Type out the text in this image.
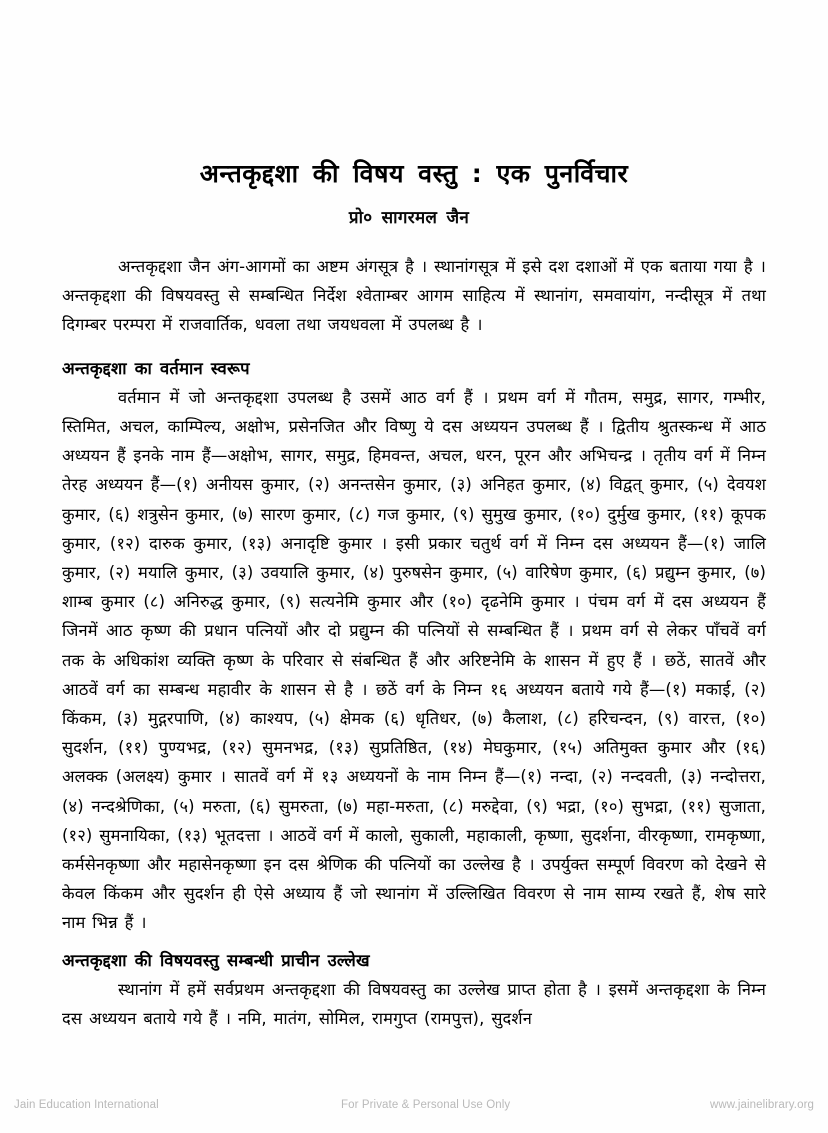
अन्तकृद्दशा की विषय वस्तु : एक पुनर्विचार

प्रो० सागरमल जैन

अन्तकृद्दशा जैन अंग-आगमों का अष्टम अंगसूत्र है । स्थानांगसूत्र में इसे दश दशाओं में एक बताया गया है । अन्तकृद्दशा की विषयवस्तु से सम्बन्धित निर्देश श्वेताम्बर आगम साहित्य में स्थानांग, समवायांग, नन्दीसूत्र में तथा दिगम्बर परम्परा में राजवार्तिक, धवला तथा जयधवला में उपलब्ध है ।

अन्तकृद्दशा का वर्तमान स्वरूप

वर्तमान में जो अन्तकृद्दशा उपलब्ध है उसमें आठ वर्ग हैं । प्रथम वर्ग में गौतम, समुद्र, सागर, गम्भीर, स्तिमित, अचल, काम्पिल्य, अक्षोभ, प्रसेनजित और विष्णु ये दस अध्ययन उपलब्ध हैं । द्वितीय श्रुतस्कन्ध में आठ अध्ययन हैं इनके नाम हैं—अक्षोभ, सागर, समुद्र, हिमवन्त, अचल, धरन, पूरन और अभिचन्द्र । तृतीय वर्ग में निम्न तेरह अध्ययन हैं—(१) अनीयस कुमार, (२) अनन्तसेन कुमार, (३) अनिहत कुमार, (४) विद्वत् कुमार, (५) देवयश कुमार, (६) शत्रुसेन कुमार, (७) सारण कुमार, (८) गज कुमार, (९) सुमुख कुमार, (१०) दुर्मुख कुमार, (११) कूपक कुमार, (१२) दारुक कुमार, (१३) अनादृष्टि कुमार । इसी प्रकार चतुर्थ वर्ग में निम्न दस अध्ययन हैं—(१) जालि कुमार, (२) मयालि कुमार, (३) उवयालि कुमार, (४) पुरुषसेन कुमार, (५) वारिषेण कुमार, (६) प्रद्युम्न कुमार, (७) शाम्ब कुमार (८) अनिरुद्ध कुमार, (९) सत्यनेमि कुमार और (१०) दृढनेमि कुमार । पंचम वर्ग में दस अध्ययन हैं जिनमें आठ कृष्ण की प्रधान पत्नियों और दो प्रद्युम्न की पत्नियों से सम्बन्धित हैं । प्रथम वर्ग से लेकर पाँचवें वर्ग तक के अधिकांश व्यक्ति कृष्ण के परिवार से संबन्धित हैं और अरिष्टनेमि के शासन में हुए हैं । छठें, सातवें और आठवें वर्ग का सम्बन्ध महावीर के शासन से है । छठें वर्ग के निम्न १६ अध्ययन बताये गये हैं—(१) मकाई, (२) किंकम, (३) मुद्गरपाणि, (४) काश्यप, (५) क्षेमक (६) धृतिधर, (७) कैलाश, (८) हरिचन्दन, (९) वारत्त, (१०) सुदर्शन, (११) पुण्यभद्र, (१२) सुमनभद्र, (१३) सुप्रतिष्ठित, (१४) मेघकुमार, (१५) अतिमुक्त कुमार और (१६) अलक्क (अलक्ष्य) कुमार । सातवें वर्ग में १३ अध्ययनों के नाम निम्न हैं—(१) नन्दा, (२) नन्दवती, (३) नन्दोत्तरा, (४) नन्दश्रेणिका, (५) मरुता, (६) सुमरुता, (७) महा-मरुता, (८) मरुद्देवा, (९) भद्रा, (१०) सुभद्रा, (११) सुजाता, (१२) सुमनायिका, (१३) भूतदत्ता । आठवें वर्ग में कालो, सुकाली, महाकाली, कृष्णा, सुदर्शना, वीरकृष्णा, रामकृष्णा, कर्मसेनकृष्णा और महासेनकृष्णा इन दस श्रेणिक की पत्नियों का उल्लेख है । उपर्युक्त सम्पूर्ण विवरण को देखने से केवल किंकम और सुदर्शन ही ऐसे अध्याय हैं जो स्थानांग में उल्लिखित विवरण से नाम साम्य रखते हैं, शेष सारे नाम भिन्न हैं ।

अन्तकृद्दशा की विषयवस्तु सम्बन्धी प्राचीन उल्लेख

स्थानांग में हमें सर्वप्रथम अन्तकृद्दशा की विषयवस्तु का उल्लेख प्राप्त होता है । इसमें अन्तकृद्दशा के निम्न दस अध्ययन बताये गये हैं । नमि, मातंग, सोमिल, रामगुप्त (रामपुत्त), सुदर्शन

Jain Education International	For Private & Personal Use Only	www.jainelibrary.org
